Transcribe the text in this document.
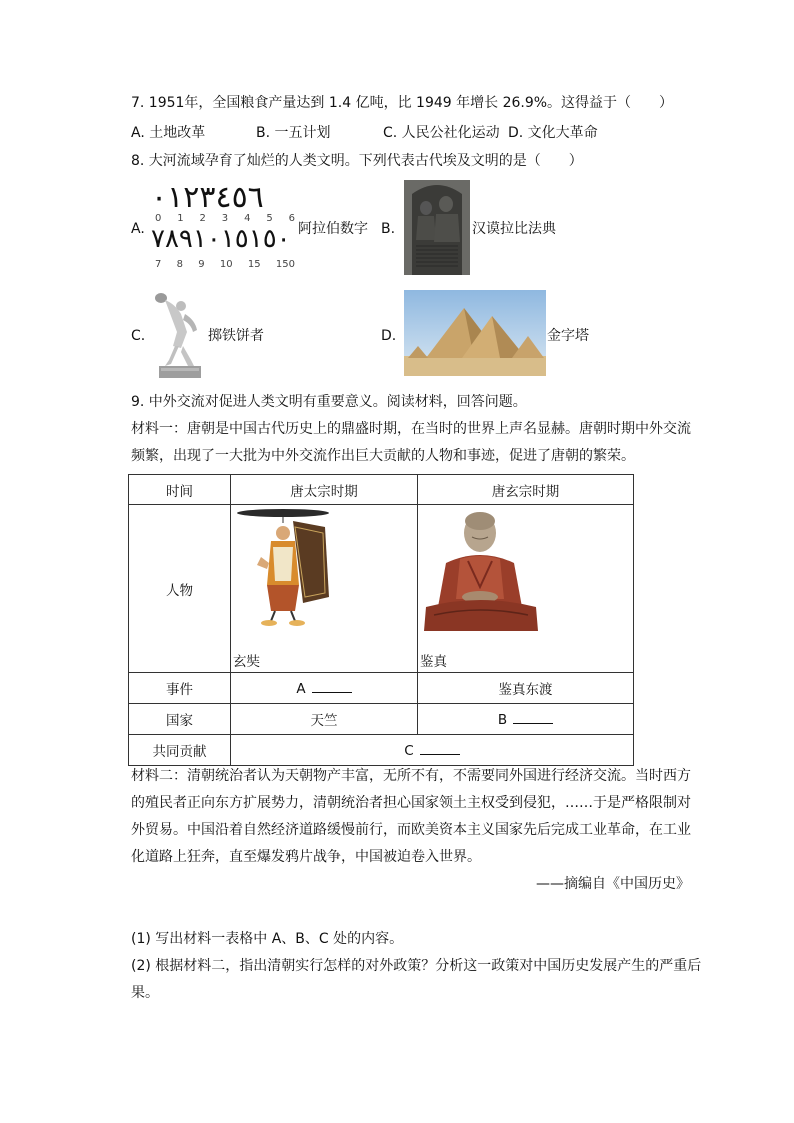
7. 1951年，全国粮食产量达到 1.4 亿吨，比 1949 年增长 26.9%。这得益于（　　）
A. 土地改革	B. 一五计划	C. 人民公社化运动 D. 文化大革命
8. 大河流域孕育了灿烂的人类文明。下列代表古代埃及文明的是（　　）
A.
٠١٢٣٤٥٦
0 1 2 3 4 5 6
٧٨٩١٠١٥١٥٠
7 8 9 10 15 150
阿拉伯数字 B.	汉谟拉比法典
C.	掷铁饼者	D.	金字塔
9. 中外交流对促进人类文明有重要意义。阅读材料，回答问题。
材料一：唐朝是中国古代历史上的鼎盛时期，在当时的世界上声名显赫。唐朝时期中外交流
频繁，出现了一大批为中外交流作出巨大贡献的人物和事迹，促进了唐朝的繁荣。
时间	唐太宗时期	唐玄宗时期
人物	玄奘	鉴真

事件	A	鉴真东渡
国家	天竺	B
共同贡献	C	
材料二：清朝统治者认为天朝物产丰富，无所不有，不需要同外国进行经济交流。当时西方
的殖民者正向东方扩展势力，清朝统治者担心国家领土主权受到侵犯，……于是严格限制对
外贸易。中国沿着自然经济道路缓慢前行，而欧美资本主义国家先后完成工业革命，在工业
化道路上狂奔，直至爆发鸦片战争，中国被迫卷入世界。
——摘编自《中国历史》
(1) 写出材料一表格中 A、B、C 处的内容。
(2) 根据材料二，指出清朝实行怎样的对外政策？分析这一政策对中国历史发展产生的严重后
果。
